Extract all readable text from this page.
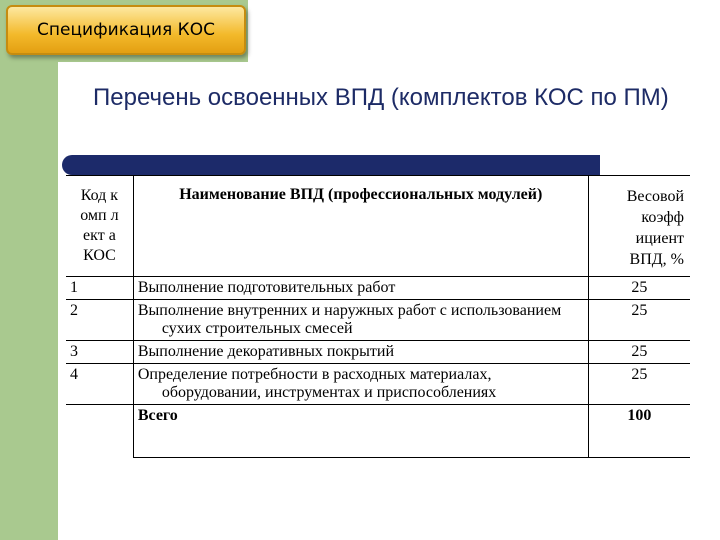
Спецификация КОС
Перечень освоенных ВПД (комплектов КОС по ПМ)
Код комп лект а КОС	Наименование ВПД (профессиональных модулей)	Весовой коэфф ициент ВПД, %

1	Выполнение подготовительных работ	25
2	Выполнение внутренних и наружных работ с использованием сухих строительных смесей	25
3	Выполнение декоративных покрытий	25
4	Определение потребности в расходных материалах, оборудовании, инструментах и приспособлениях	25
	Всего	100
